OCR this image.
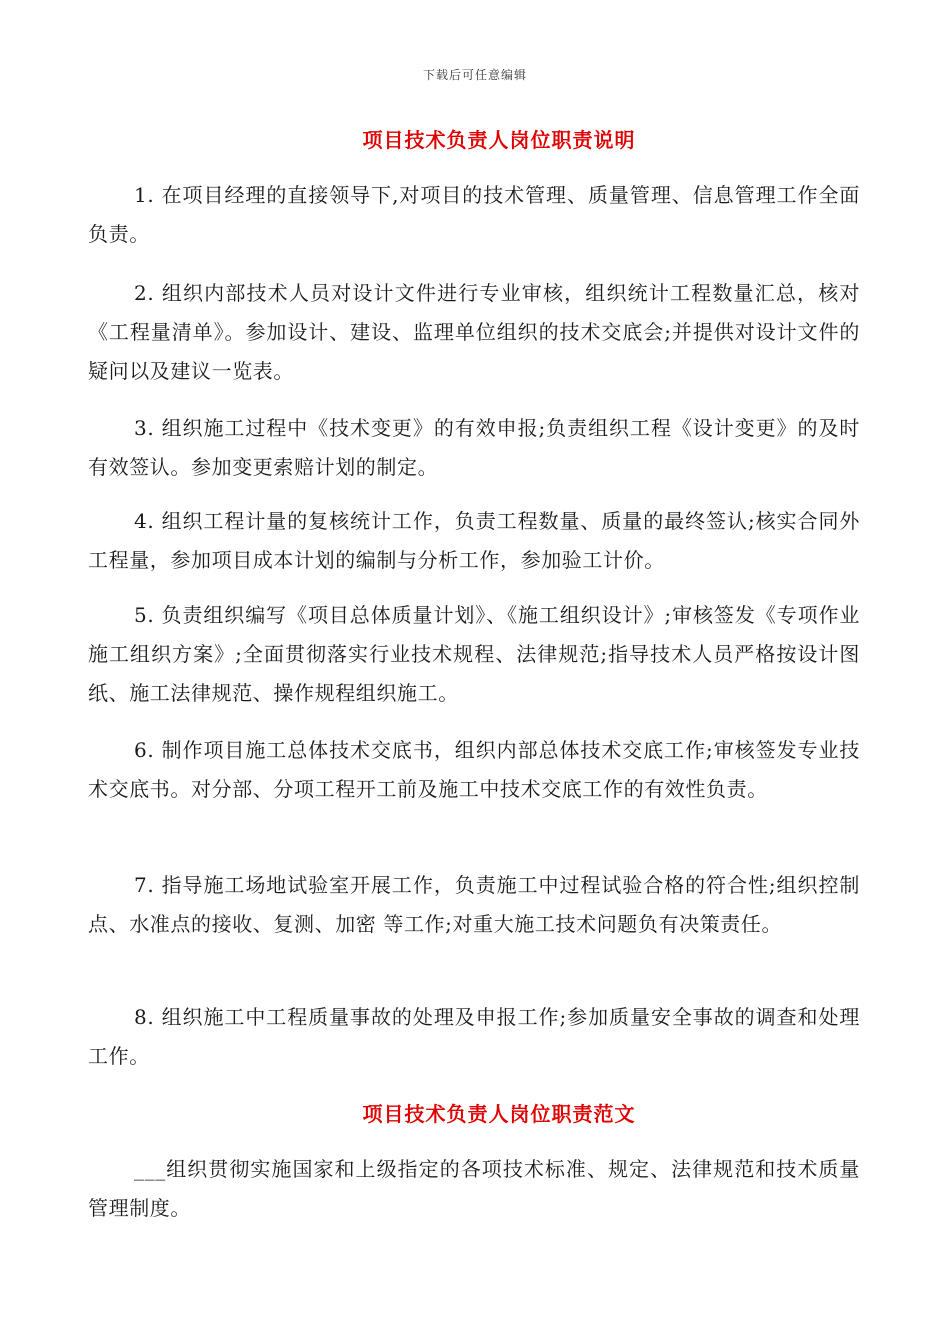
下载后可任意编辑
项目技术负责人岗位职责说明
1. 在项目经理的直接领导下,对项目的技术管理、质量管理、信息管理工作全面负责。
2. 组织内部技术人员对设计文件进行专业审核，组织统计工程数量汇总，核对《工程量清单》。参加设计、建设、监理单位组织的技术交底会;并提供对设计文件的疑问以及建议一览表。
3. 组织施工过程中《技术变更》的有效申报;负责组织工程《设计变更》的及时有效签认。参加变更索赔计划的制定。
4. 组织工程计量的复核统计工作，负责工程数量、质量的最终签认;核实合同外工程量，参加项目成本计划的编制与分析工作，参加验工计价。
5. 负责组织编写《项目总体质量计划》、《施工组织设计》;审核签发《专项作业施工组织方案》;全面贯彻落实行业技术规程、法律规范;指导技术人员严格按设计图纸、施工法律规范、操作规程组织施工。
6. 制作项目施工总体技术交底书，组织内部总体技术交底工作;审核签发专业技术交底书。对分部、分项工程开工前及施工中技术交底工作的有效性负责。
7. 指导施工场地试验室开展工作，负责施工中过程试验合格的符合性;组织控制点、水准点的接收、复测、加密 等工作;对重大施工技术问题负有决策责任。
8. 组织施工中工程质量事故的处理及申报工作;参加质量安全事故的调查和处理工作。
项目技术负责人岗位职责范文
___组织贯彻实施国家和上级指定的各项技术标准、规定、法律规范和技术质量管理制度。
